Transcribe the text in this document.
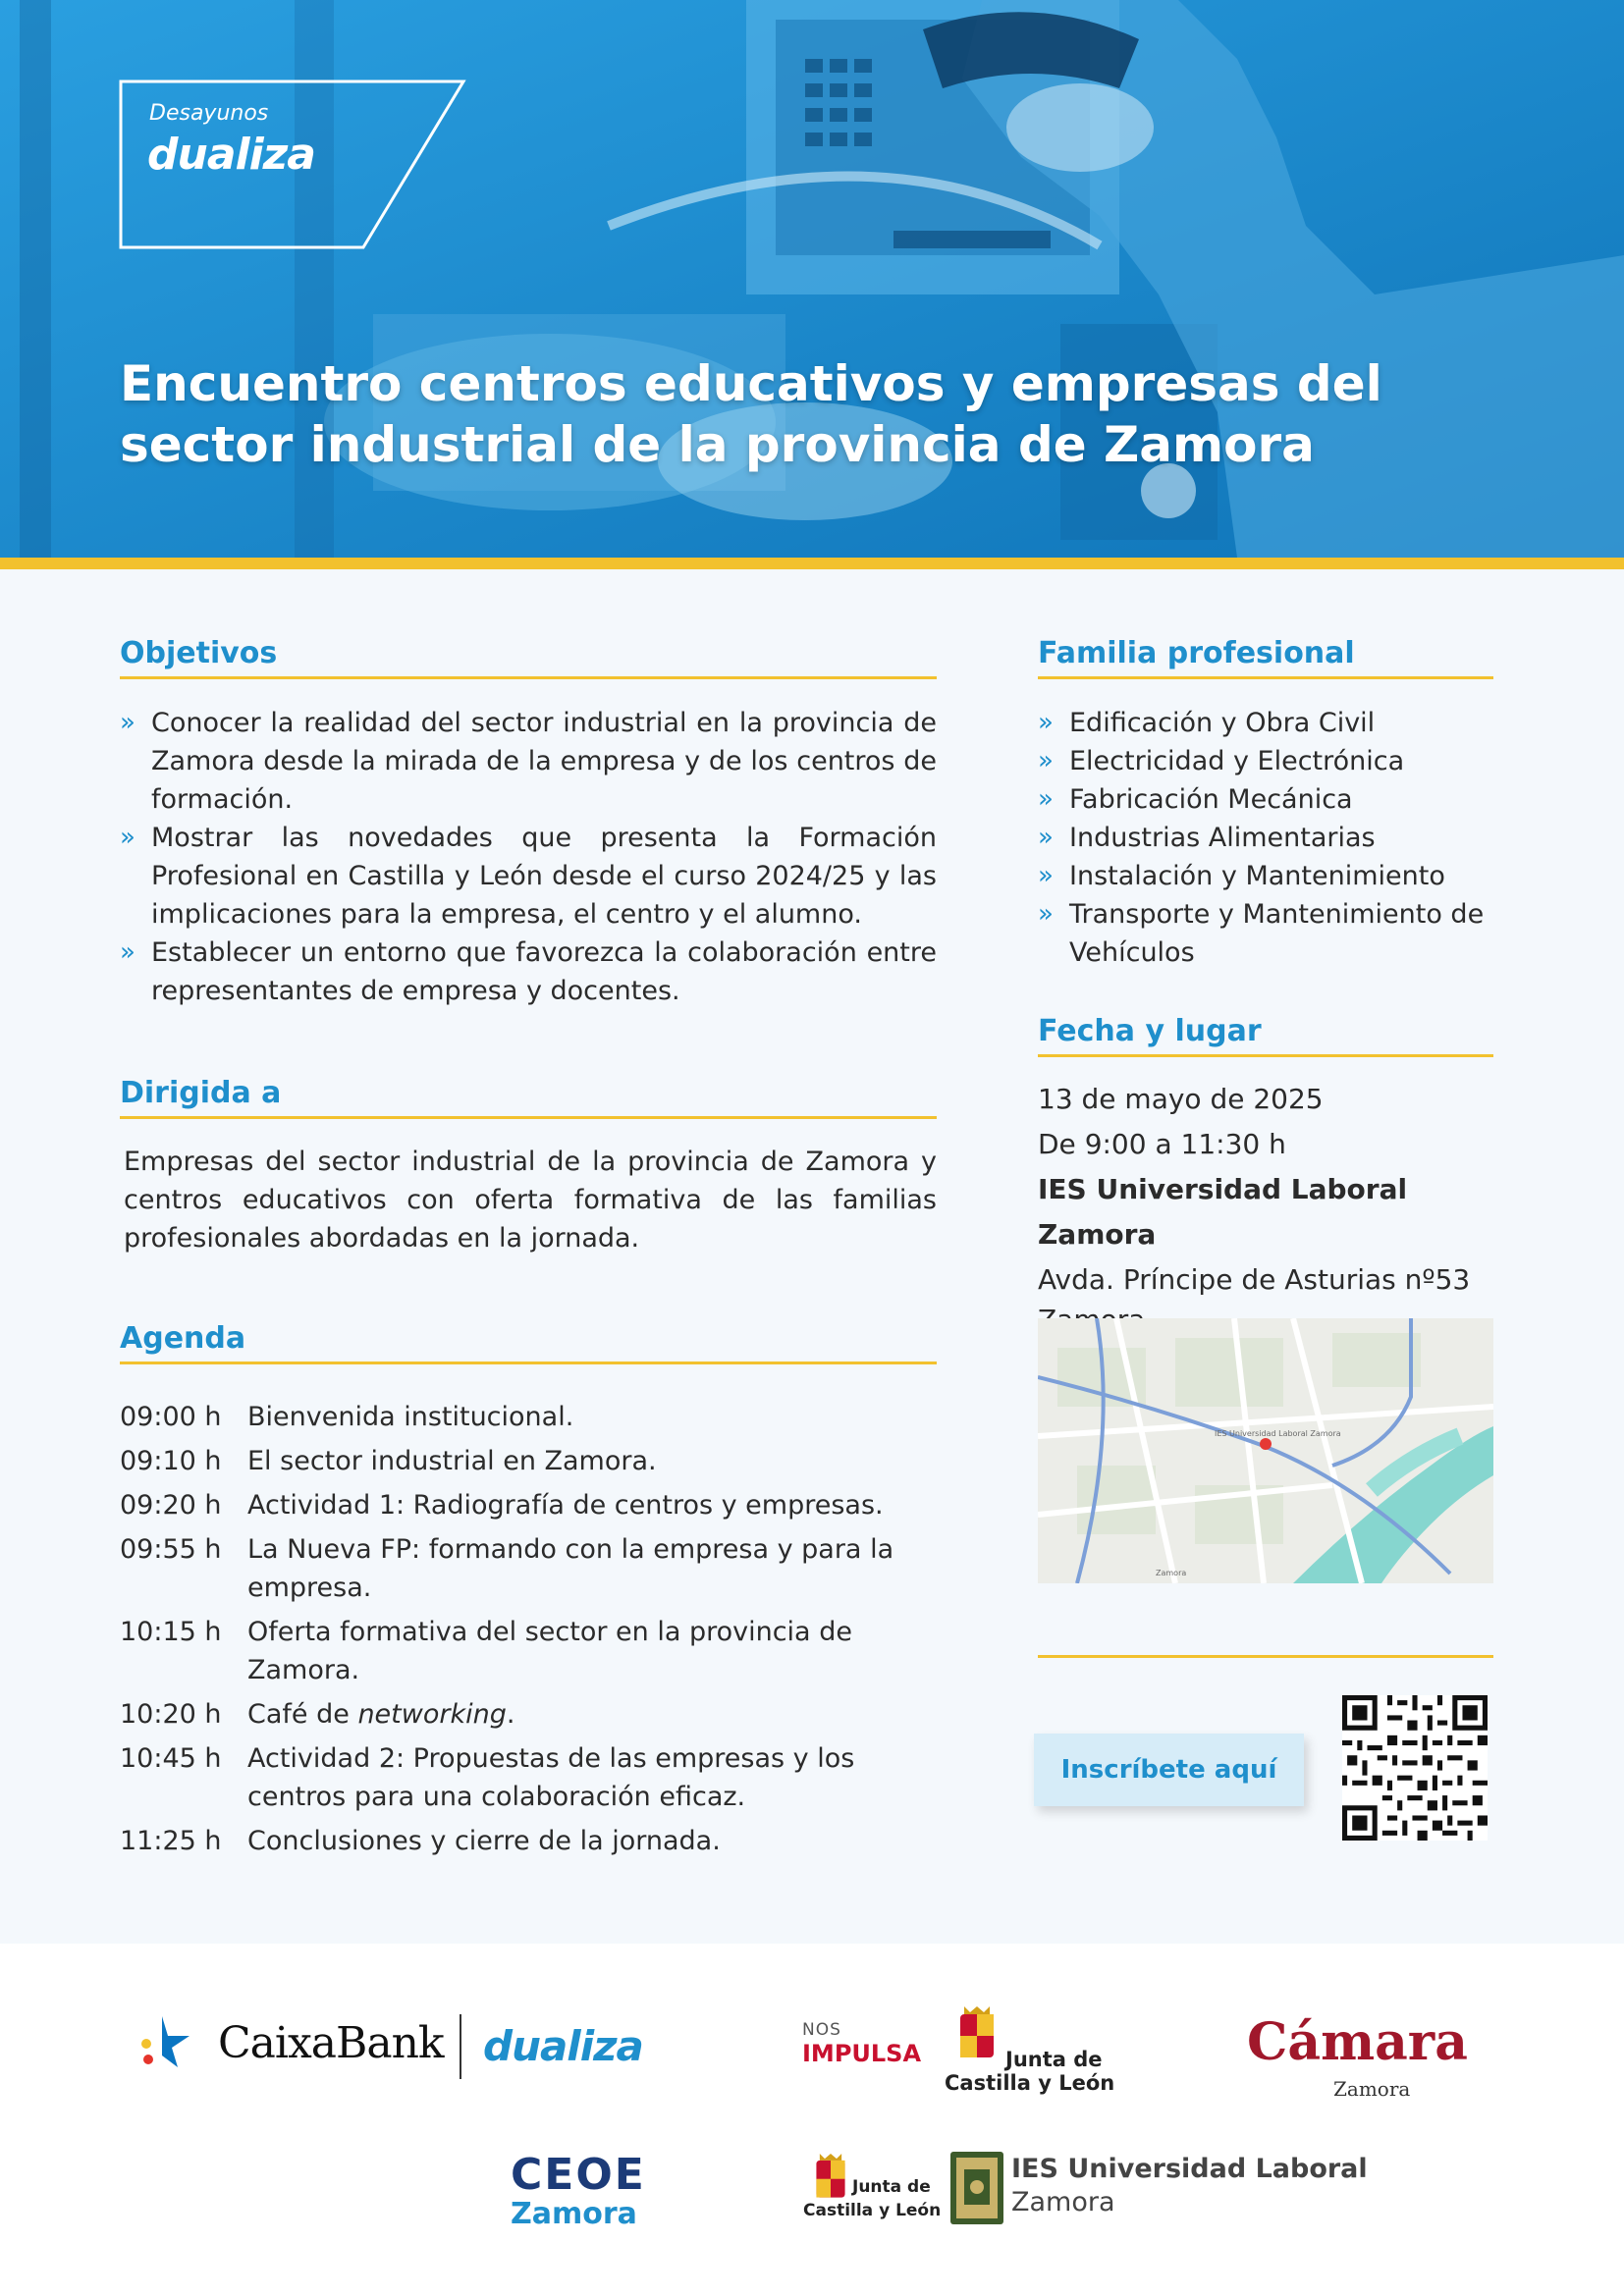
Desayunos
dualiza
Encuentro centros educativos y empresas del
sector industrial de la provincia de Zamora
Objetivos
» Conocer la realidad del sector industrial en la provincia de Zamora desde la mirada de la empresa y de los centros de formación.
» Mostrar las novedades que presenta la Formación Profesional en Castilla y León desde el curso 2024/25 y las implicaciones para la empresa, el centro y el alumno.
» Establecer un entorno que favorezca la colaboración entre representantes de empresa y docentes.
Dirigida a
Empresas del sector industrial de la provincia de Zamora y centros educativos con oferta formativa de las familias profesionales abordadas en la jornada.
Agenda
09:00 h Bienvenida institucional.
09:10 h El sector industrial en Zamora.
09:20 h Actividad 1: Radiografía de centros y empresas.
09:55 h La Nueva FP: formando con la empresa y para la empresa.
10:15 h Oferta formativa del sector en la provincia de Zamora.
10:20 h Café de networking.
10:45 h Actividad 2: Propuestas de las empresas y los centros para una colaboración eficaz.
11:25 h Conclusiones y cierre de la jornada.
Familia profesional
» Edificación y Obra Civil
» Electricidad y Electrónica
» Fabricación Mecánica
» Industrias Alimentarias
» Instalación y Mantenimiento
» Transporte y Mantenimiento de Vehículos
Fecha y lugar
13 de mayo de 2025
De 9:00 a 11:30 h
IES Universidad Laboral Zamora
Avda. Príncipe de Asturias nº53
IES Universidad Laboral Zamora
Zamora
Inscríbete aquí
CaixaBank dualiza	NOS
IMPULSA	Junta de
Castilla y León
Cámara
Zamora
CEOE
Zamora
Junta de
Castilla y León
IES Universidad Laboral
Zamora
